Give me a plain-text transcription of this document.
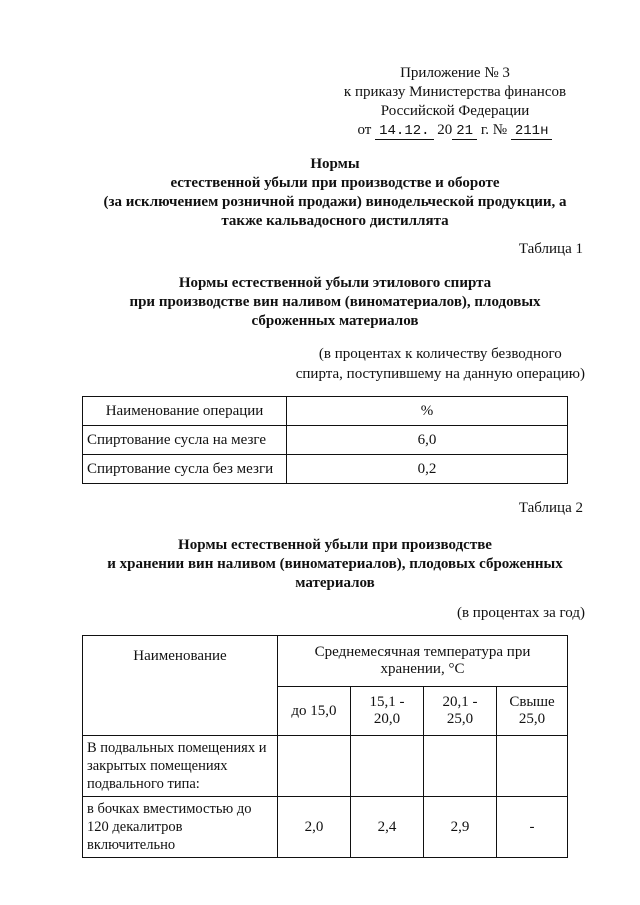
Приложение № 3
к приказу Министерства финансов
Российской Федерации
от 14.12. 20 21 г. № 211н
Нормы
естественной убыли при производстве и обороте
(за исключением розничной продажи) винодельческой продукции, а
также кальвадосного дистиллята
Таблица 1
Нормы естественной убыли этилового спирта
при производстве вин наливом (виноматериалов), плодовых
сброженных материалов
(в процентах к количеству безводного
спирта, поступившему на данную операцию)
Наименование операции	%
Спиртование сусла на мезге	6,0
Спиртование сусла без мезги	0,2
Таблица 2
Нормы естественной убыли при производстве
и хранении вин наливом (виноматериалов), плодовых сброженных
материалов
(в процентах за год)
Наименование	Среднемесячная температура при хранении, °С			
	до 15,0	15,1 - 20,0	20,1 - 25,0	Свыше 25,0
В подвальных помещениях и закрытых помещениях подвального типа:				
в бочках вместимостью до 120 декалитров включительно	2,0	2,4	2,9	-
